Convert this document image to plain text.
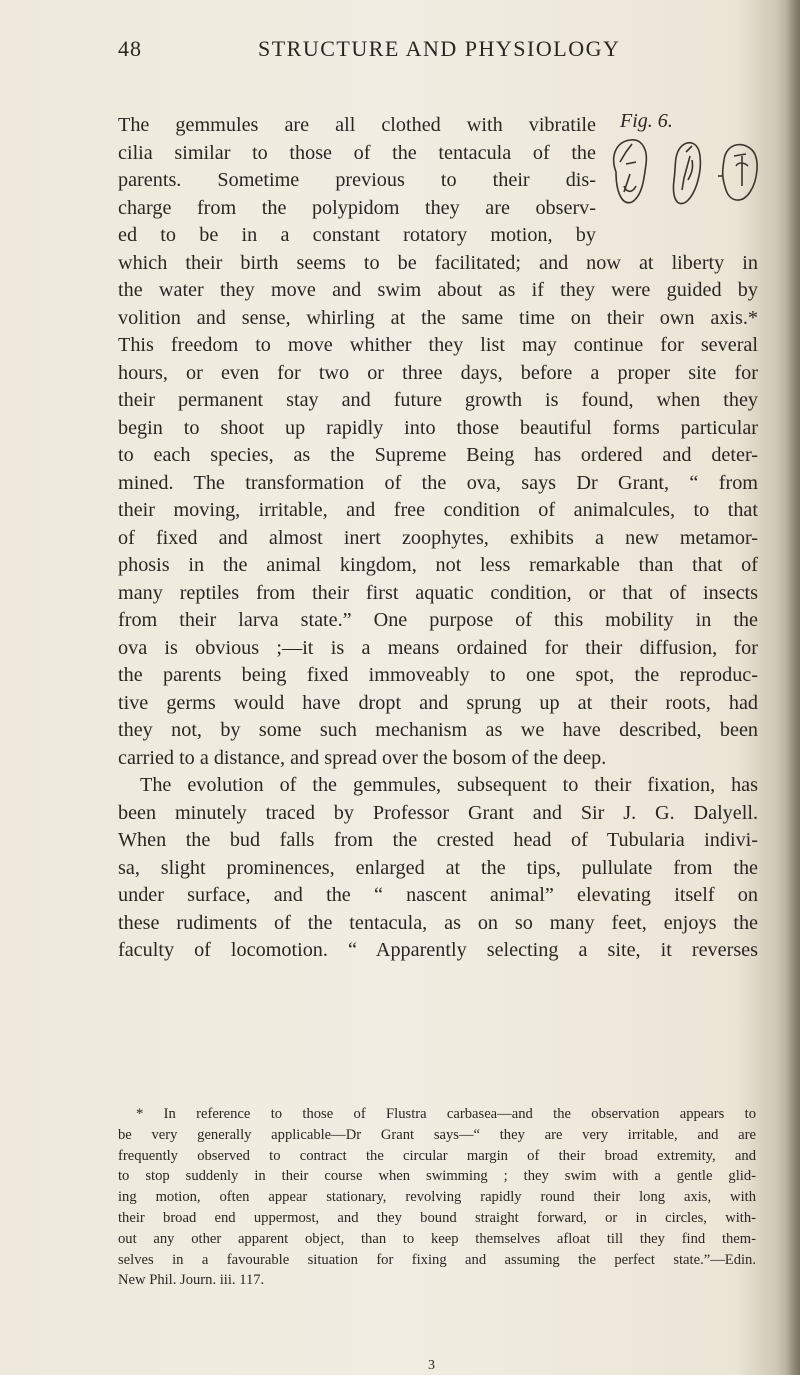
48	STRUCTURE AND PHYSIOLOGY
Fig. 6.
The gemmules are all clothed with vibratile
cilia similar to those of the tentacula of the
parents. Sometime previous to their dis-
charge from the polypidom they are observ-
ed to be in a constant rotatory motion, by
which their birth seems to be facilitated; and now at liberty in
the water they move and swim about as if they were guided by
volition and sense, whirling at the same time on their own axis.*
This freedom to move whither they list may continue for several
hours, or even for two or three days, before a proper site for
their permanent stay and future growth is found, when they
begin to shoot up rapidly into those beautiful forms particular
to each species, as the Supreme Being has ordered and deter-
mined. The transformation of the ova, says Dr Grant, “ from
their moving, irritable, and free condition of animalcules, to that
of fixed and almost inert zoophytes, exhibits a new metamor-
phosis in the animal kingdom, not less remarkable than that of
many reptiles from their first aquatic condition, or that of insects
from their larva state.” One purpose of this mobility in the
ova is obvious ;—it is a means ordained for their diffusion, for
the parents being fixed immoveably to one spot, the reproduc-
tive germs would have dropt and sprung up at their roots, had
they not, by some such mechanism as we have described, been
carried to a distance, and spread over the bosom of the deep.
The evolution of the gemmules, subsequent to their fixation, has
been minutely traced by Professor Grant and Sir J. G. Dalyell.
When the bud falls from the crested head of Tubularia indivi-
sa, slight prominences, enlarged at the tips, pullulate from the
under surface, and the “ nascent animal” elevating itself on
these rudiments of the tentacula, as on so many feet, enjoys the
faculty of locomotion. “ Apparently selecting a site, it reverses
* In reference to those of Flustra carbasea—and the observation appears to
be very generally applicable—Dr Grant says—“ they are very irritable, and are
frequently observed to contract the circular margin of their broad extremity, and
to stop suddenly in their course when swimming ; they swim with a gentle glid-
ing motion, often appear stationary, revolving rapidly round their long axis, with
their broad end uppermost, and they bound straight forward, or in circles, with-
out any other apparent object, than to keep themselves afloat till they find them-
selves in a favourable situation for fixing and assuming the perfect state.”—Edin.
New Phil. Journ. iii. 117.
3
